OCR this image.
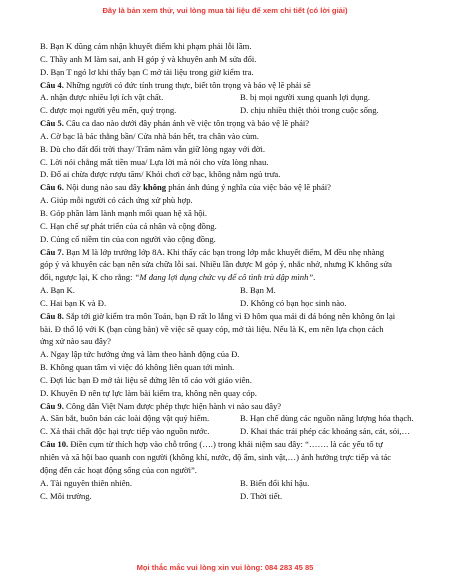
Đây là bản xem thử, vui lòng mua tài liệu để xem chi tiết (có lời giải)
B. Bạn K dũng cảm nhận khuyết điểm khi phạm phải lỗi lầm.
C. Thầy anh M làm sai, anh H góp ý và khuyên anh M sửa đổi.
D. Bạn T ngó lơ khi thấy bạn C mở tài liệu trong giờ kiểm tra.
Câu 4. Những người có đức tính trung thực, biết tôn trọng và bảo vệ lẽ phải sẽ
A. nhận được nhiều lợi ích vật chất.	B. bị mọi người xung quanh lợi dụng.
C. được mọi người yêu mến, quý trọng.	D. chịu nhiều thiệt thòi trong cuộc sống.
Câu 5. Câu ca dao nào dưới đây phản ánh về việc tôn trọng và bảo vệ lẽ phải?
A. Cờ bạc là bác thằng bần/ Cửa nhà bán hết, tra chân vào cùm.
B. Dù cho đất đổi trời thay/ Trăm năm vẫn giữ lòng ngay với đời.
C. Lời nói chẳng mất tiền mua/ Lựa lời mà nói cho vừa lòng nhau.
D. Đố ai chừa được rượu tăm/ Khỏi chơi cờ bạc, không nằm ngủ trưa.
Câu 6. Nội dung nào sau đây không phản ánh đúng ý nghĩa của việc bảo vệ lẽ phải?
A. Giúp mỗi người có cách ứng xử phù hợp.
B. Góp phần làm lành mạnh mối quan hệ xã hội.
C. Hạn chế sự phát triển của cá nhân và cộng đồng.
D. Củng cố niềm tin của con người vào cộng đồng.
Câu 7. Bạn M là lớp trưởng lớp 8A. Khi thấy các bạn trong lớp mắc khuyết điểm, M đều nhẹ nhàng
góp ý và khuyên các bạn nên sửa chữa lỗi sai. Nhiều lần được M góp ý, nhắc nhở, nhưng K không sửa
đổi, ngược lại, K cho rằng: “M đang lợi dụng chức vụ để cô tình trù dập mình”.
A. Bạn K.	B. Bạn M.
C. Hai bạn K và Đ.	D. Không có bạn học sinh nào.
Câu 8. Sắp tới giờ kiểm tra môn Toán, bạn Đ rất lo lắng vì Đ hôm qua mải đi đá bóng nên không ôn lại
bài. Đ thổ lộ với K (bạn cùng bàn) về việc sẽ quay cóp, mở tài liệu. Nếu là K, em nên lựa chọn cách
ứng xử nào sau đây?
A. Ngay lập tức hưởng ứng và làm theo hành động của Đ.
B. Không quan tâm vì việc đó không liên quan tới mình.
C. Đợi lúc bạn Đ mở tài liệu sẽ đứng lên tố cáo với giáo viên.
D. Khuyên Đ nên tự lực làm bài kiểm tra, không nên quay cóp.
Câu 9. Công dân Việt Nam được phép thực hiện hành vi nào sau đây?
A. Săn bắt, buôn bán các loài động vật quý hiếm.	B. Hạn chế dùng các nguồn năng lượng hóa thạch.
C. Xả thải chất độc hại trực tiếp vào nguồn nước.	D. Khai thác trái phép các khoáng sản, cát, sỏi,…
Câu 10. Điền cụm từ thích hợp vào chỗ trống (….) trong khái niệm sau đây: “……. là các yếu tố tự
nhiên và xã hội bao quanh con người (không khí, nước, độ ẩm, sinh vật,…) ảnh hưởng trực tiếp và tác
động đến các hoạt động sống của con người”.
A. Tài nguyên thiên nhiên.	B. Biến đổi khí hậu.
C. Môi trường.	D. Thời tiết.
Mọi thắc mắc vui lòng xin vui lòng: 084 283 45 85
